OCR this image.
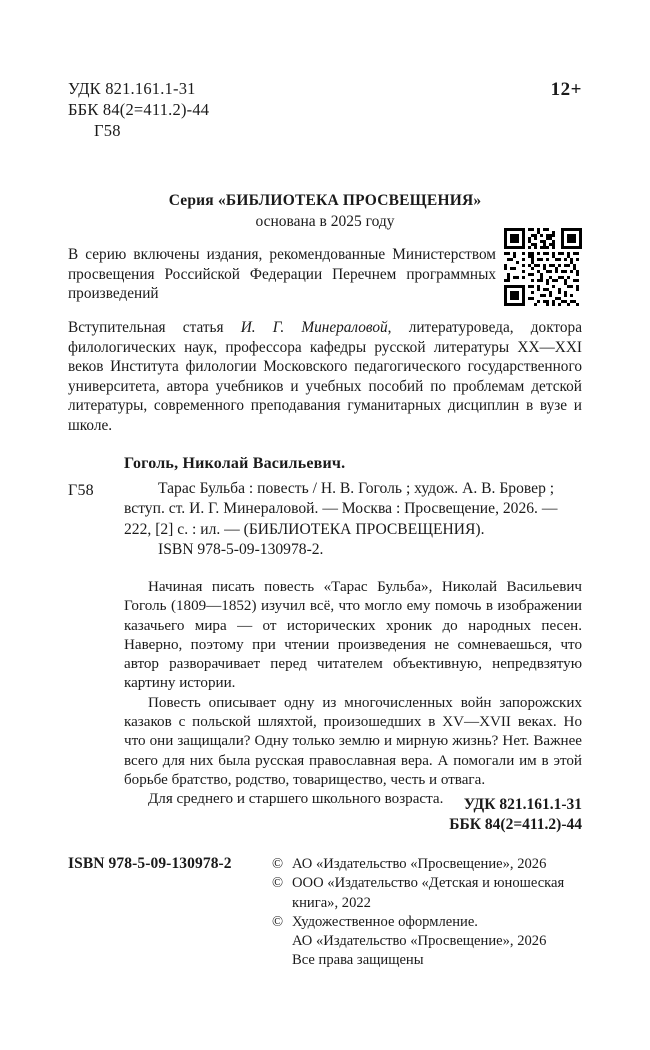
УДК 821.161.1-31
ББК 84(2=411.2)-44
Г58
12+
Серия «БИБЛИОТЕКА ПРОСВЕЩЕНИЯ»
основана в 2025 году
В серию включены издания, рекомендованные Министерством просвещения Российской Федерации Перечнем программных произведений
Вступительная статья И. Г. Минераловой, литературоведа, доктора филологических наук, профессора кафедры русской литературы XX—XXI веков Института филологии Московского педагогического государственного университета, автора учебников и учебных пособий по проблемам детской литературы, современного преподавания гуманитарных дисциплин в вузе и школе.
Гоголь, Николай Васильевич.
Г58	Тарас Бульба : повесть / Н. В. Гоголь ; худож. А. В. Бровер ; вступ. ст. И. Г. Минераловой. — Москва : Просвещение, 2026. — 222, [2] с. : ил. — (БИБЛИОТЕКА ПРОСВЕЩЕНИЯ).
ISBN 978-5-09-130978-2.

Начиная писать повесть «Тарас Бульба», Николай Васильевич Гоголь (1809—1852) изучил всё, что могло ему помочь в изображении казачьего мира — от исторических хроник до народных песен. Наверно, поэтому при чтении произведения не сомневаешься, что автор разворачивает перед читателем объективную, непредвзятую картину истории.

Повесть описывает одну из многочисленных войн запорожских казаков с польской шляхтой, произошедших в XV—XVII веках. Но что они защищали? Одну только землю и мирную жизнь? Нет. Важнее всего для них была русская православная вера. А помогали им в этой борьбе братство, родство, товарищество, честь и отвага.

Для среднего и старшего школьного возраста.	УДК 821.161.1-31
ББК 84(2=411.2)-44
ISBN 978-5-09-130978-2	© АО «Издательство «Просвещение», 2026
© ООО «Издательство «Детская и юношеская
книга», 2022
© Художественное оформление.
АО «Издательство «Просвещение», 2026
Все права защищены
